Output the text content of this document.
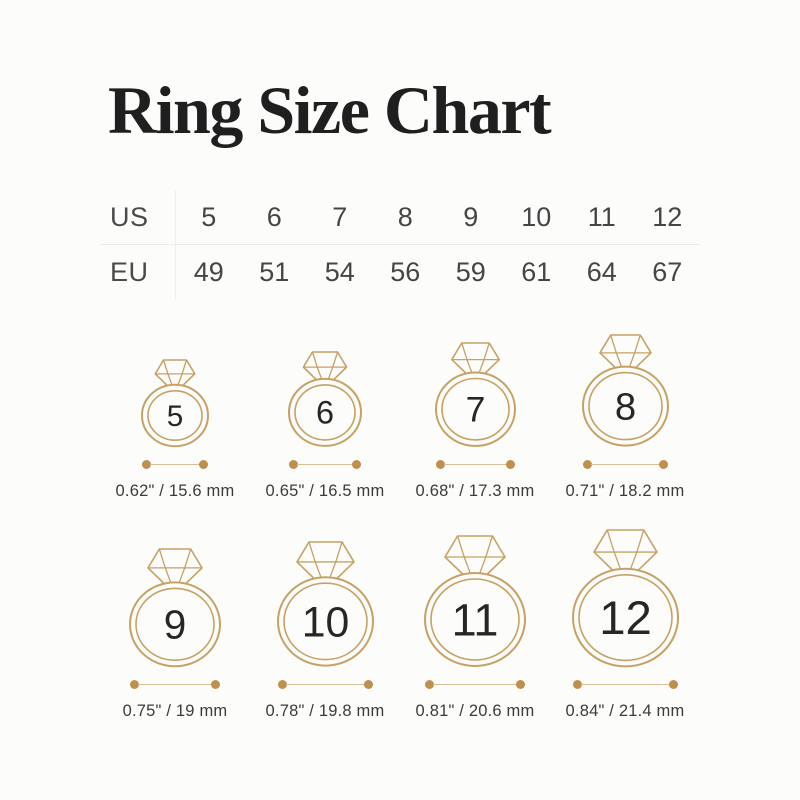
Ring Size Chart
US	5	6	7	8	9	10	11	12
EU	49	51	54	56	59	61	64	67
5
0.62" / 15.6 mm
6
0.65" / 16.5 mm
7
0.68" / 17.3 mm
8
0.71" / 18.2 mm
9
0.75" / 19 mm
10
0.78" / 19.8 mm
11
0.81" / 20.6 mm
12
0.84" / 21.4 mm
